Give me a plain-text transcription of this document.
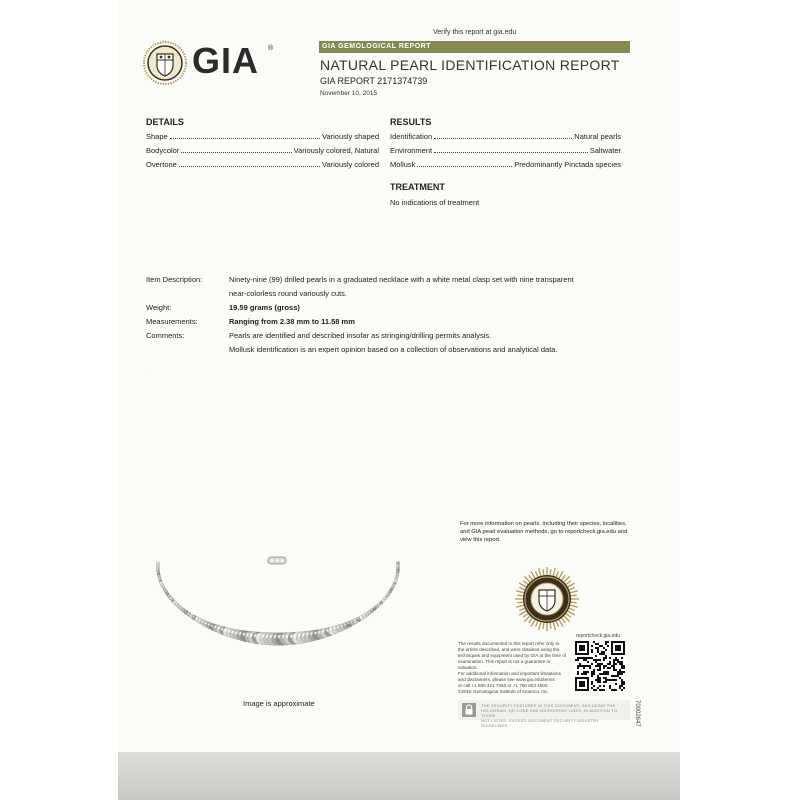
Verify this report at gia.edu
GIA ®	GIA GEMOLOGICAL REPORT
NATURAL PEARL IDENTIFICATION REPORT
GIA REPORT 2171374739
November 10, 2015
DETAILS
Shape	Variously shaped
Bodycolor	Variously colored, Natural
Overtone	Variously colored
RESULTS
Identification	Natural pearls
Environment	Saltwater
Mollusk	Predominantly Pinctada species
TREATMENT
No indications of treatment
Item Description:	Ninety-nine (99) drilled pearls in a graduated necklace with a white metal clasp set with nine transparent
near-colorless round variously cuts.
Weight:	19.59 grams (gross)
Measurements:	Ranging from 2.38 mm to 11.58 mm
Comments:	Pearls are identified and described insofar as stringing/drilling permits analysis.
Mollusk identification is an expert opinion based on a collection of observations and analytical data.
·
For more information on pearls, including their species, localities,
and GIA pearl evaluation methods, go to reportcheck.gia.edu and
view this report.
The results documented in this report refer only to
the article described, and were obtained using the
techniques and equipment used by GIA at the time of
examination. This report is not a guarantee or valuation.
For additional information and important limitations
and disclaimers, please see www.gia.edu/terms
or call +1 800 421 7250 or +1 760 603 4500.
©2015 Gemological Institute of America, Inc.
reportcheck.gia.edu
70002647
THE SECURITY FEATURES IN THIS DOCUMENT, INCLUDING THE
HOLOGRAM, QR CODE AND MICROPRINT LINES, IN ADDITION TO THOSE
NOT LISTED, EXCEED DOCUMENT SECURITY INDUSTRY GUIDELINES.
Image is approximate
